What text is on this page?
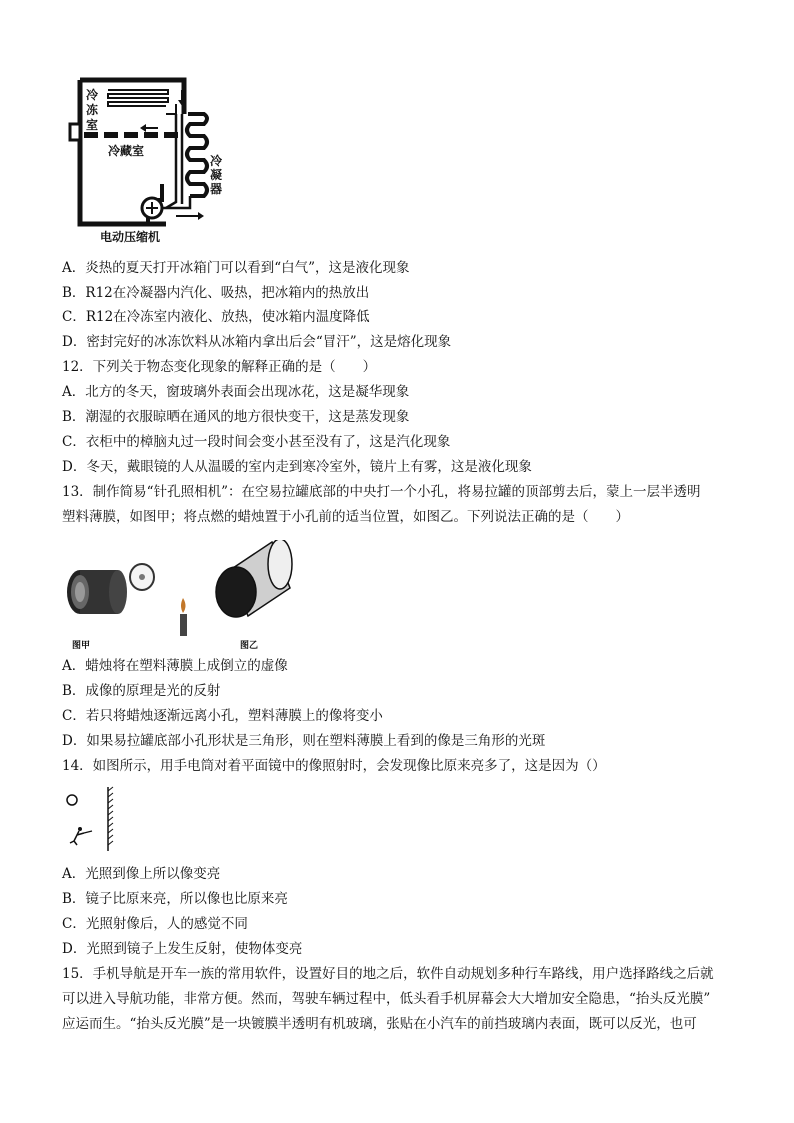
冷冻室
冷藏室
冷凝器
电动压缩机
A．炎热的夏天打开冰箱门可以看到“白气”，这是液化现象
B．R12在冷凝器内汽化、吸热，把冰箱内的热放出
C．R12在冷冻室内液化、放热，使冰箱内温度降低
D．密封完好的冰冻饮料从冰箱内拿出后会“冒汗”，这是熔化现象
12．下列关于物态变化现象的解释正确的是（　　）
A．北方的冬天，窗玻璃外表面会出现冰花，这是凝华现象
B．潮湿的衣服晾晒在通风的地方很快变干，这是蒸发现象
C．衣柜中的樟脑丸过一段时间会变小甚至没有了，这是汽化现象
D．冬天，戴眼镜的人从温暖的室内走到寒冷室外，镜片上有雾，这是液化现象
13．制作简易“针孔照相机”：在空易拉罐底部的中央打一个小孔，将易拉罐的顶部剪去后，蒙上一层半透明
塑料薄膜，如图甲；将点燃的蜡烛置于小孔前的适当位置，如图乙。下列说法正确的是（　　）
图甲	图乙
A．蜡烛将在塑料薄膜上成倒立的虚像
B．成像的原理是光的反射
C．若只将蜡烛逐渐远离小孔，塑料薄膜上的像将变小
D．如果易拉罐底部小孔形状是三角形，则在塑料薄膜上看到的像是三角形的光斑
14．如图所示，用手电筒对着平面镜中的像照射时，会发现像比原来亮多了，这是因为（）
A．光照到像上所以像变亮
B．镜子比原来亮，所以像也比原来亮
C．光照射像后，人的感觉不同
D．光照到镜子上发生反射，使物体变亮
15．手机导航是开车一族的常用软件，设置好目的地之后，软件自动规划多种行车路线，用户选择路线之后就
可以进入导航功能，非常方便。然而，驾驶车辆过程中，低头看手机屏幕会大大增加安全隐患，“抬头反光膜”
应运而生。“抬头反光膜”是一块镀膜半透明有机玻璃，张贴在小汽车的前挡玻璃内表面，既可以反光，也可
